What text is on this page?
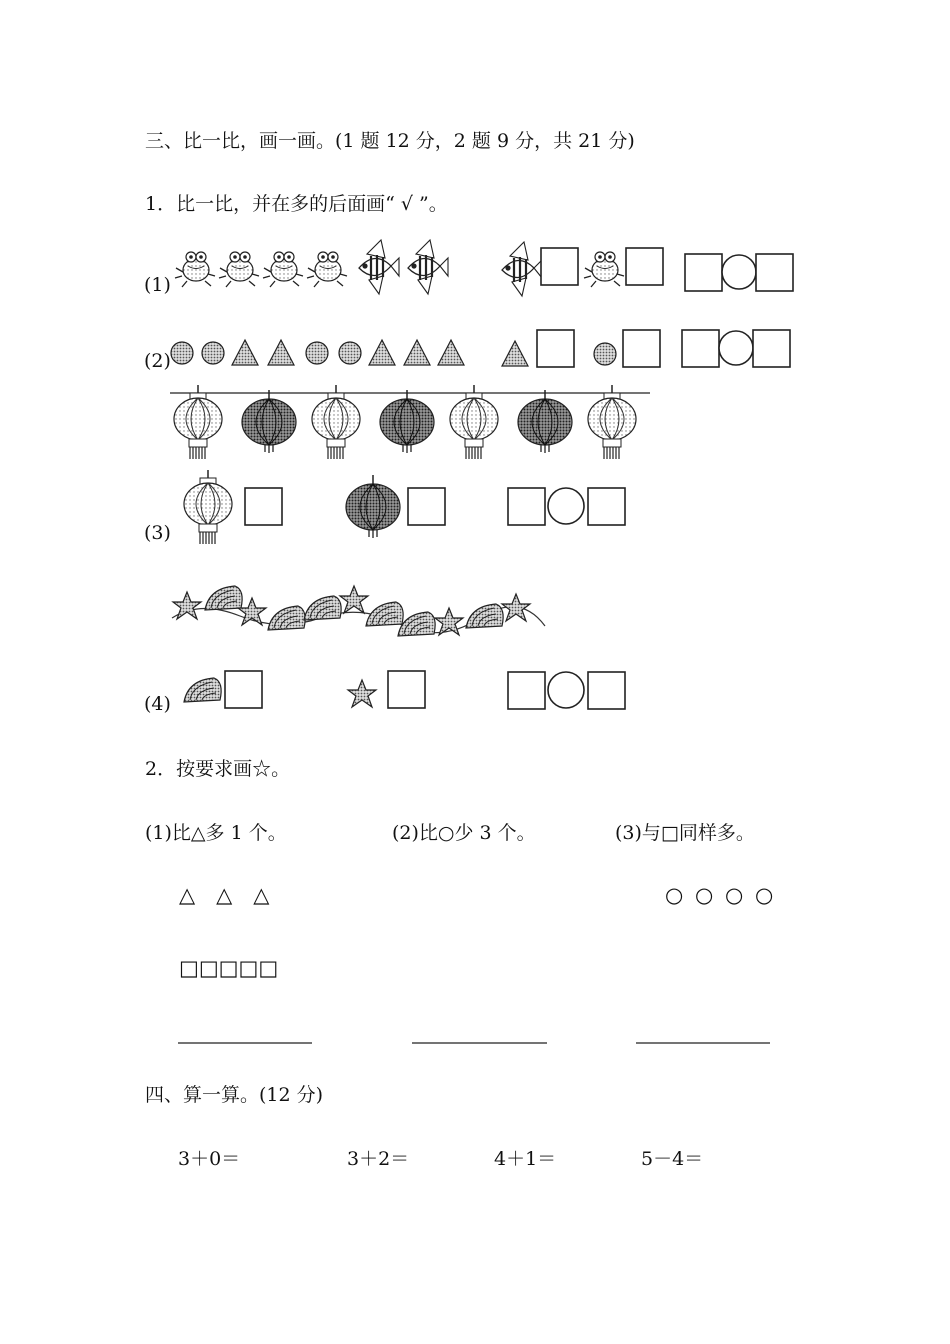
三、比一比，画一画。(1 题 12 分，2 题 9 分，共 21 分)
1．比一比，并在多的后面画“ √ ”。
(1)
(2)
(3)
(4)
2．按要求画☆。
(1)比△多 1 个。	(2)比○少 3 个。	(3)与□同样多。
△　△　△	○ ○ ○ ○
□□□□□
四、算一算。(12 分)
3＋0＝	3＋2＝	4＋1＝	5－4＝
